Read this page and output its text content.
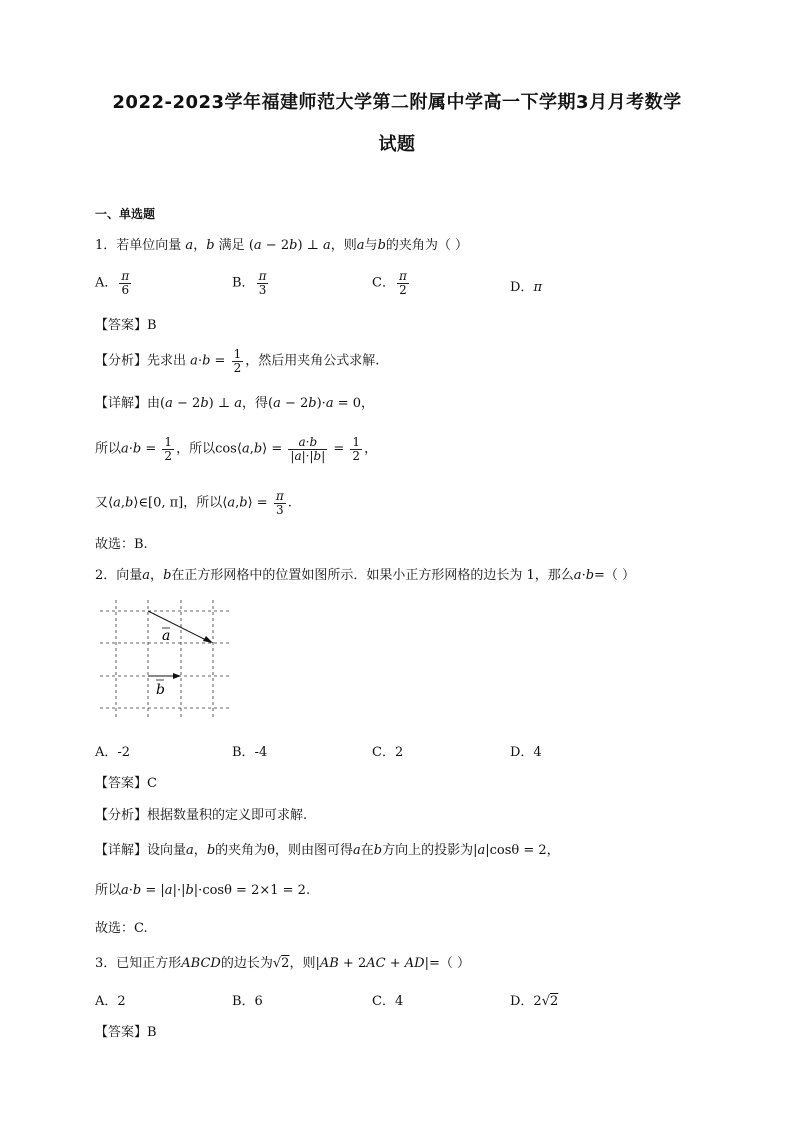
2022-2023学年福建师范大学第二附属中学高一下学期3月月考数学
试题
一、单选题
1．若单位向量 a，b 满足 (a − 2b) ⊥ a，则a与b的夹角为（ ）
A． $\frac{\pi}{6}$	B． $\frac{\pi}{3}$	C． $\frac{\pi}{2}$	D．π
【答案】B
【分析】先求出 $a\cdot b = \frac{1}{2}$ ，然后用夹角公式求解.
【详解】由(a − 2b) ⊥ a，得(a − 2b)·a = 0，
所以$a\cdot b = \frac{1}{2}$ ，所以cos⟨a,b⟩ = $\frac{a\cdot b}{|a|\cdot|b|} = \frac{1}{2}$ ，
又⟨a,b⟩∈[0, π]，所以⟨a,b⟩ = $\frac{\pi}{3}$ .
故选：B.
2．向量a，b在正方形网格中的位置如图所示．如果小正方形网格的边长为 1，那么a·b=（ ）
a
b
A．-2	B．-4	C．2	D．4
【答案】C
【分析】根据数量积的定义即可求解.
【详解】设向量a，b的夹角为θ，则由图可得a在b方向上的投影为|a|cosθ = 2，
所以a·b = |a|·|b|·cosθ = 2×1 = 2.
故选：C.
3．已知正方形ABCD的边长为√2，则|AB + 2AC + AD|=（ ）
A．2	B．6	C．4	D．2√2
【答案】B
